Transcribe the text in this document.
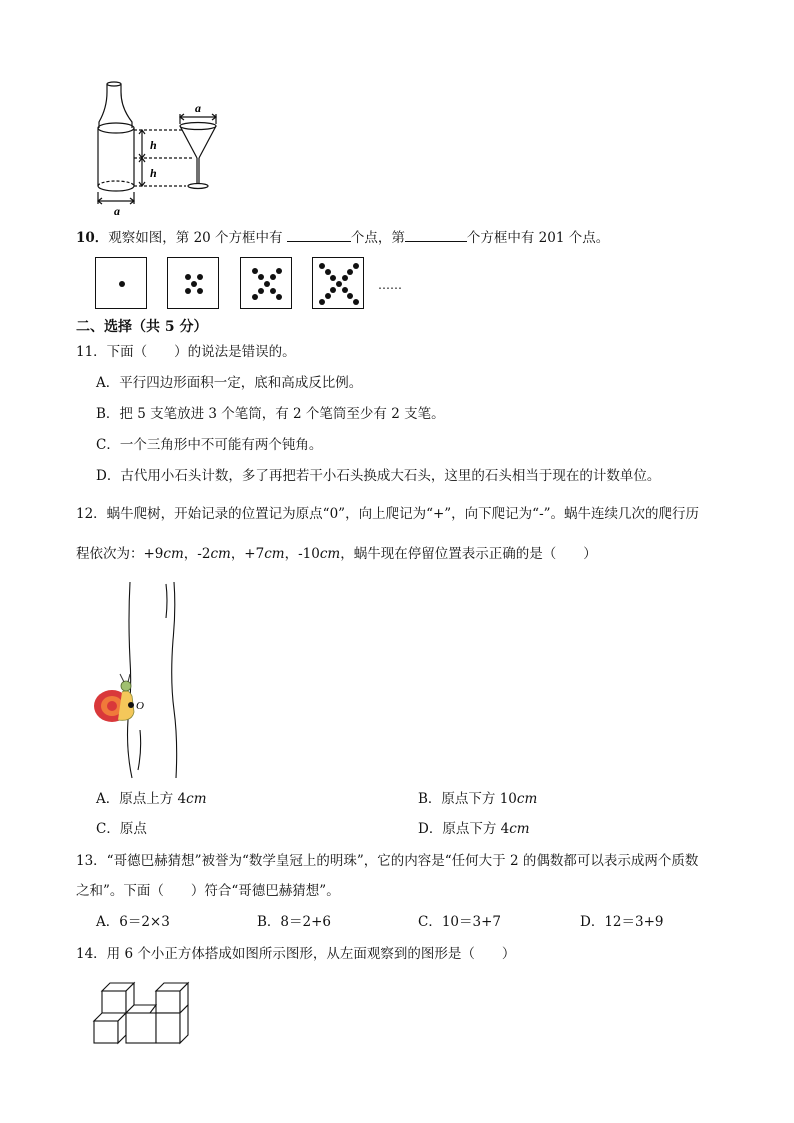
a
h
h
a
10．观察如图，第 20 个方框中有	个点，第	个方框中有 201 个点。
……
二、选择（共 5 分）
11．下面（　　）的说法是错误的。
A．平行四边形面积一定，底和高成反比例。
B．把 5 支笔放进 3 个笔筒，有 2 个笔筒至少有 2 支笔。
C．一个三角形中不可能有两个钝角。
D．古代用小石头计数，多了再把若干小石头换成大石头，这里的石头相当于现在的计数单位。
12．蜗牛爬树，开始记录的位置记为原点“0”，向上爬记为“+”，向下爬记为“-”。蜗牛连续几次的爬行历
程依次为：+9cm，-2cm，+7cm，-10cm，蜗牛现在停留位置表示正确的是（　　）
O
A．原点上方 4cm	B．原点下方 10cm
C．原点	D．原点下方 4cm
13．“哥德巴赫猜想”被誉为“数学皇冠上的明珠”，它的内容是“任何大于 2 的偶数都可以表示成两个质数
之和”。下面（　　）符合“哥德巴赫猜想”。
A．6＝2×3	B．8＝2+6	C．10＝3+7	D．12＝3+9
14．用 6 个小正方体搭成如图所示图形，从左面观察到的图形是（　　）
